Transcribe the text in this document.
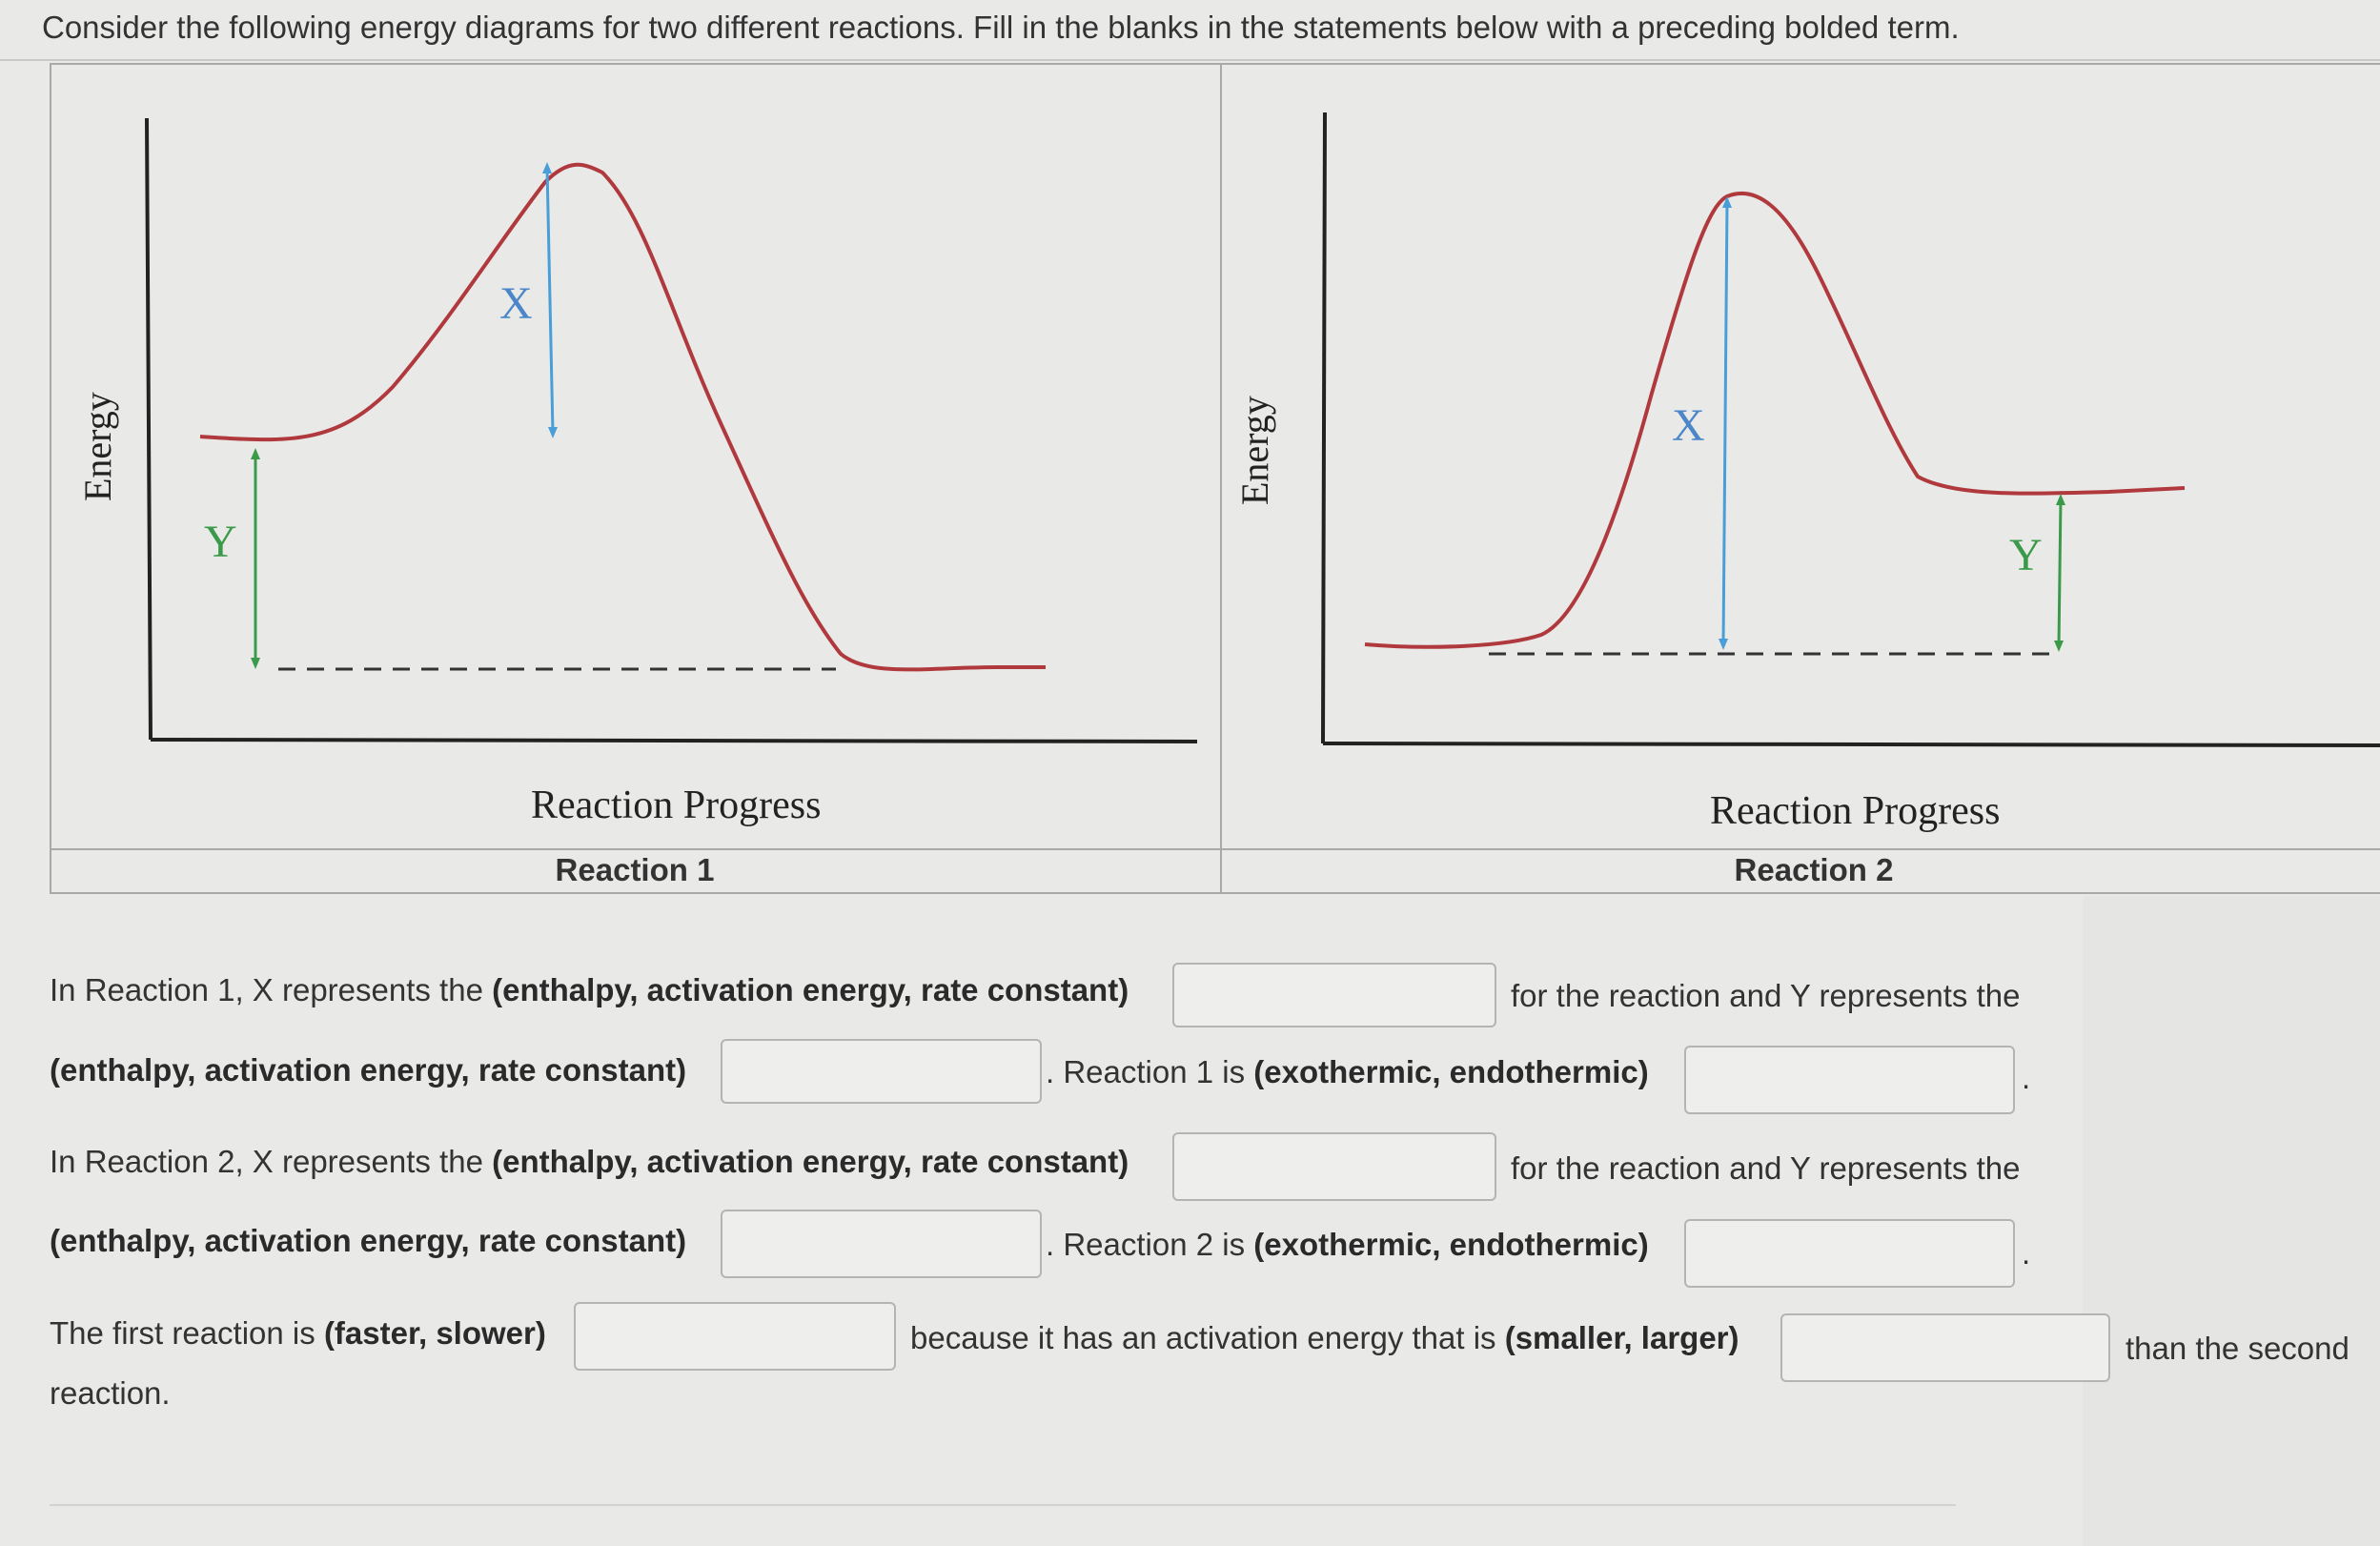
Consider the following energy diagrams for two different reactions. Fill in the blanks in the statements below with a preceding bolded term.
Reaction 1	Reaction 2
X
Y
Energy
Reaction Progress
X
Y
Reaction Progress
Energy
In Reaction 1, X represents the (enthalpy, activation energy, rate constant)	for the reaction and Y represents the
(enthalpy, activation energy, rate constant)	. Reaction 1 is (exothermic, endothermic)	.
In Reaction 2, X represents the (enthalpy, activation energy, rate constant)	for the reaction and Y represents the
(enthalpy, activation energy, rate constant)	. Reaction 2 is (exothermic, endothermic)	.
The first reaction is (faster, slower)	because it has an activation energy that is (smaller, larger)	than the second
reaction.
